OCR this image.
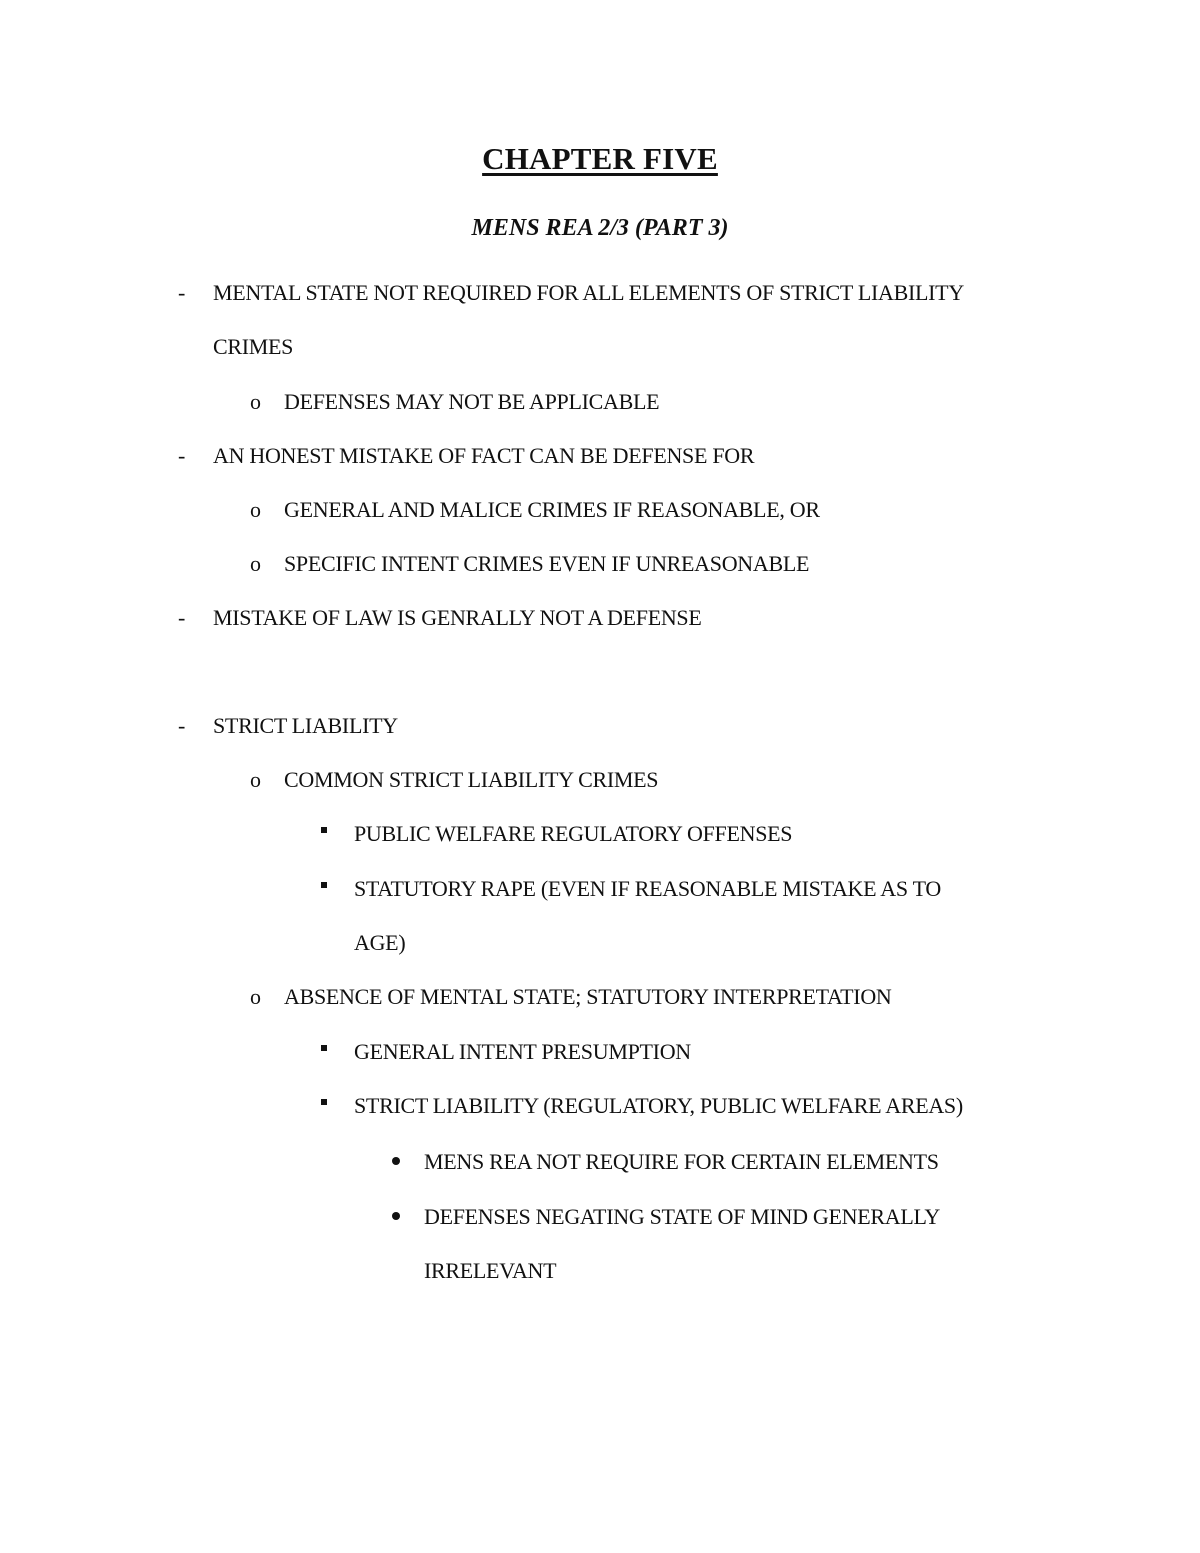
CHAPTER FIVE
MENS REA 2/3 (PART 3)
- MENTAL STATE NOT REQUIRED FOR ALL ELEMENTS OF STRICT LIABILITY
CRIMES
o DEFENSES MAY NOT BE APPLICABLE
- AN HONEST MISTAKE OF FACT CAN BE DEFENSE FOR
o GENERAL AND MALICE CRIMES IF REASONABLE, OR
o SPECIFIC INTENT CRIMES EVEN IF UNREASONABLE
- MISTAKE OF LAW IS GENRALLY NOT A DEFENSE
- STRICT LIABILITY
o COMMON STRICT LIABILITY CRIMES
PUBLIC WELFARE REGULATORY OFFENSES
STATUTORY RAPE (EVEN IF REASONABLE MISTAKE AS TO
AGE)
o ABSENCE OF MENTAL STATE; STATUTORY INTERPRETATION
GENERAL INTENT PRESUMPTION
STRICT LIABILITY (REGULATORY, PUBLIC WELFARE AREAS)
MENS REA NOT REQUIRE FOR CERTAIN ELEMENTS
DEFENSES NEGATING STATE OF MIND GENERALLY
IRRELEVANT
